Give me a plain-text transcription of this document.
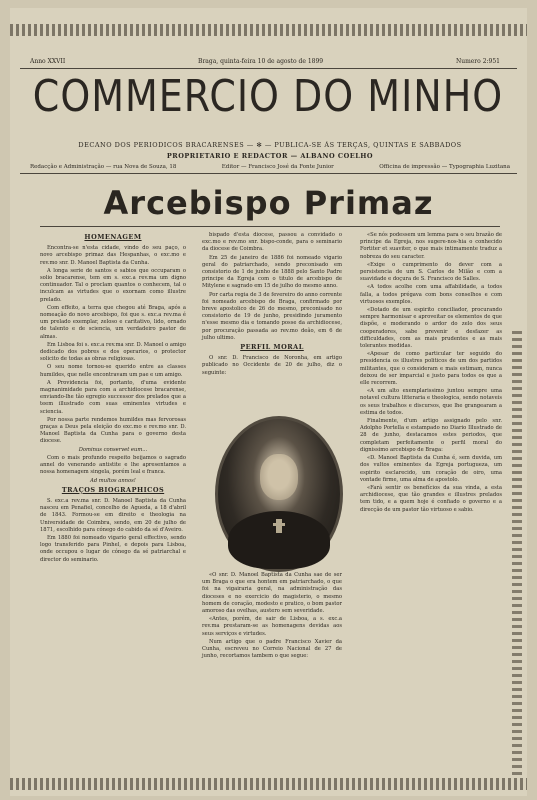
Anno XXVII	Braga, quinta-feira 10 de agosto de 1899	Numero 2:951
COMMERCIO DO MINHO
DECANO DOS PERIODICOS BRACARENSES — ✻ — PUBLICA-SE ÁS TERÇAS, QUINTAS E SABBADOS
PROPRIETARIO E REDACTOR — ALBANO COELHO
Redacção e Administração — rua Nova de Souza, 18	Editor — Francisco José da Fonte Junior	Officina de impressão — Typographia Luzitana
Arcebispo Primaz
HOMENAGEM

Encontra-se n'esta cidade, vindo do seu paço, o novo arcebispo primaz das Hespanhas, o exc.mo e rev.mo snr. D. Manoel Baptista da Cunha.

A longa serie de santos e sabios que occuparam o solio bracarense, tem em s. exc.a rev.ma um digno continuador. Tal o proclam quantos o conhecem, tal o inculcam as virtudes que o exornam como illustre prelado.

Com effeito, a terra que chegou até Braga, após a nomeação do novo arcebispo, foi que s. exc.a rev.ma é um prelado exemplar, zeloso e caritativo, lido, ornado de talento e de sciencia, um verdadeiro pastor de almas.

Em Lisboa foi s. exc.a rev.ma snr. D. Manoel o amigo dedicado dos pobres e dos operarios, o protector solicito de todas as obras religiosas.

O seu nome tornou-se querido entre as classes humildes, que nelle encontravam um pae e um amigo.

A Providencia foi, portanto, d'uma evidente magnanimidade para com a archidiocese bracarense, enviando-lhe tão egregio successor dos prelados que a teem illustrado com suas eminentes virtudes e sciencia.

Por nossa parte rendemos humildes mas fervorosas graças a Deus pela eleição do exc.mo e rev.mo snr. D. Manoel Baptista da Cunha para o governo desta diocese.

Dominus conservet eum...

Com o mais profundo respeito beijamos o sagrado annel do venerando antistite e lhe apresentamos a nossa homenagem singela, porém leal e franca.

Ad multos annos!

TRAÇOS BIOGRAPHICOS

S. exc.a rev.ma snr. D. Manoel Baptista da Cunha nasceu em Penafiel, concelho de Agueda, a 18 d'abril de 1843. Formou-se em direito e theologia na Universidade de Coimbra, sendo, em 20 de julho de 1871, escolhido para cónego do cabido da sé d'Aveiro.

Em 1880 foi nomeado vigario geral effectivo, sendo logo transferido para Pinhel, e depois para Lisboa, onde occupou o lugar de cónego da sé patriarchal e director do seminario.

bispado d'esta diocese, passou a convidado o exc.mo e rev.mo snr. bispo-conde, para o seminario da diocese de Coimbra.

Em 25 de janeiro de 1886 foi nomeado vigario geral do patriarchado, sendo preconisado em consistorio de 1 de junho de 1888 pelo Santo Padre principe da Egreja com o titulo de arcebispo de Mitylene e sagrado em 15 de julho do mesmo anno.

Por carta regia de 3 de fevereiro do anno corrente foi nomeado arcebispo de Braga, confirmado por breve apostolico de 26 do mesmo, preconisado no consistorio de 19 de junho, presidindo juramento n'esse mesmo dia e tomando posse da archidiocese, por procuração passada ao rev.mo deão, em 6 de julho ultimo.

PERFIL MORAL

O snr. D. Francisco de Noronha, em artigo publicado no Occidente de 20 de julho, diz o seguinte:

«O snr. D. Manoel Baptista da Cunha sae de ser um Braga o que era hontem em patriarchado, o que foi na vigairaria geral, na administração das dioceses e no exercicio do magisterio, o mesmo homem de coração, modesto e pratico, o bom pastor amoroso das ovelhas, austero sem severidade.

«Antes, porém, de sair de Lisboa, a s. exc.a rev.ma prestaram-se as homenagens devidas aos seus serviços e virtudes.

Num artigo que o padre Francisco Xavier da Cunha, escreveu no Correio Nacional de 27 de junho, recortamos tambem o que segue:

«Se nós podessem um lemma para o seu brazão de principe da Egreja, nos sugere-nos-hia o conhecido Fortiter et suaviter, o que mais intimamente traduz a nobreza do seu caracter.

«Exige o cumprimento do dever com a persistencia de um S. Carlos de Milão e com a suavidade e doçura de S. Francisco de Salles.

«A todos acolhe com uma affabilidade, a todos falla, a todos prégava com bons conselhos e com virtuosos exemplos.

«Dotado de um espirito conciliador, procurando sempre harmonisar e aproveitar os elementos de que dispõe, e moderando o ardor do zelo dos seus cooperadores, sabe prevenir e desfazer as difficuldades, com as mais prudentes e as mais tolerantes medidas.

«Apesar de como particular ter seguido do presidencia os illustres politicos de um dos partidos militantes, que o consideram e mais estimam, nunca deixou de ser imparcial e justo para todos os que a elle recorrem.

«A um alto exemplarissimo juntou sempre uma notavel cultura litteraria e theologica, sendo notaveis os seus trabalhos e discursos, que lhe grangearam a estima de todos.

Finalmente, d'um artigo assignado pelo snr. Adolpho Portella e estampado no Diario Illustrado de 28 de junho, destacamos estes periodos, que completam perfeitamente o perfil moral do dignissimo arcebispo de Braga:

«D. Manoel Baptista da Cunha é, sem duvida, um dos vultos eminentes da Egreja portugueza, um espirito esclarecido, um coração de oiro, uma vontade firme, uma alma de apostolo.

«Fará sentir os benefícios da sua vinda, a esta archidiocese, que tão grandes e illustres prelados tem tido, e a quem hoje é confiado o governo e a direcção de um pastor tão virtuoso e sabio.
